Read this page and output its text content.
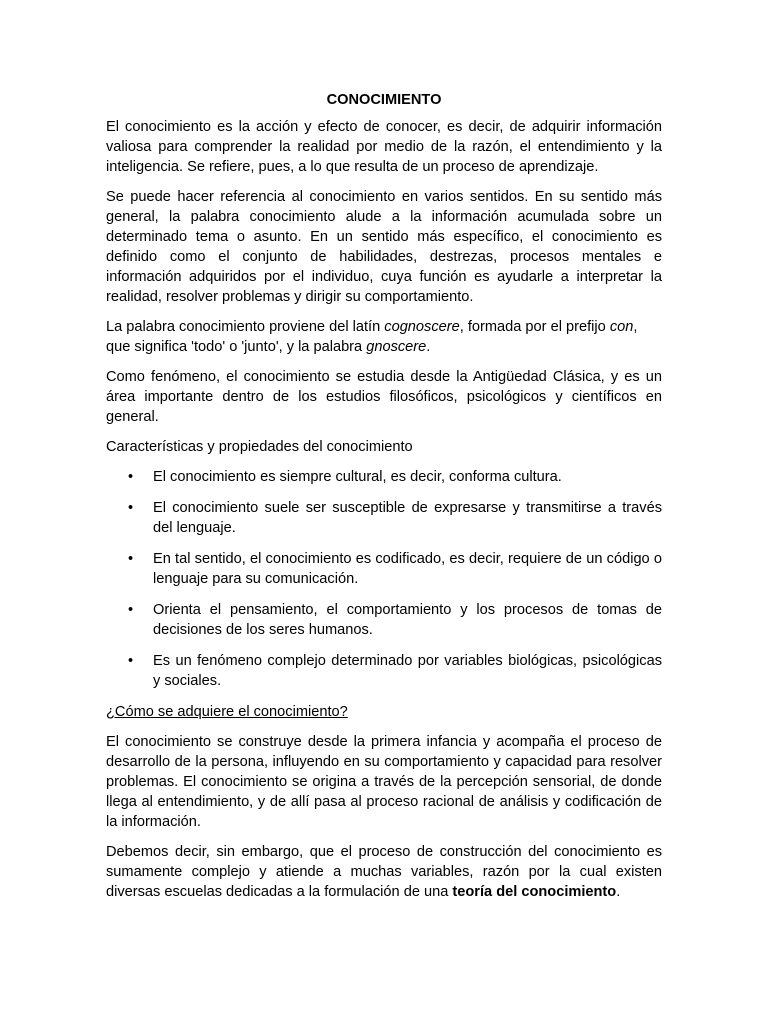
CONOCIMIENTO

El conocimiento es la acción y efecto de conocer, es decir, de adquirir información valiosa para comprender la realidad por medio de la razón, el entendimiento y la inteligencia. Se refiere, pues, a lo que resulta de un proceso de aprendizaje.

Se puede hacer referencia al conocimiento en varios sentidos. En su sentido más general, la palabra conocimiento alude a la información acumulada sobre un determinado tema o asunto. En un sentido más específico, el conocimiento es definido como el conjunto de habilidades, destrezas, procesos mentales e información adquiridos por el individuo, cuya función es ayudarle a interpretar la realidad, resolver problemas y dirigir su comportamiento.

La palabra conocimiento proviene del latín cognoscere, formada por el prefijo con, que significa 'todo' o 'junto', y la palabra gnoscere.

Como fenómeno, el conocimiento se estudia desde la Antigüedad Clásica, y es un área importante dentro de los estudios filosóficos, psicológicos y científicos en general.

Características y propiedades del conocimiento

• El conocimiento es siempre cultural, es decir, conforma cultura.
• El conocimiento suele ser susceptible de expresarse y transmitirse a través del lenguaje.
• En tal sentido, el conocimiento es codificado, es decir, requiere de un código o lenguaje para su comunicación.
• Orienta el pensamiento, el comportamiento y los procesos de tomas de decisiones de los seres humanos.
• Es un fenómeno complejo determinado por variables biológicas, psicológicas y sociales.

¿Cómo se adquiere el conocimiento?

El conocimiento se construye desde la primera infancia y acompaña el proceso de desarrollo de la persona, influyendo en su comportamiento y capacidad para resolver problemas. El conocimiento se origina a través de la percepción sensorial, de donde llega al entendimiento, y de allí pasa al proceso racional de análisis y codificación de la información.

Debemos decir, sin embargo, que el proceso de construcción del conocimiento es sumamente complejo y atiende a muchas variables, razón por la cual existen diversas escuelas dedicadas a la formulación de una teoría del conocimiento.
